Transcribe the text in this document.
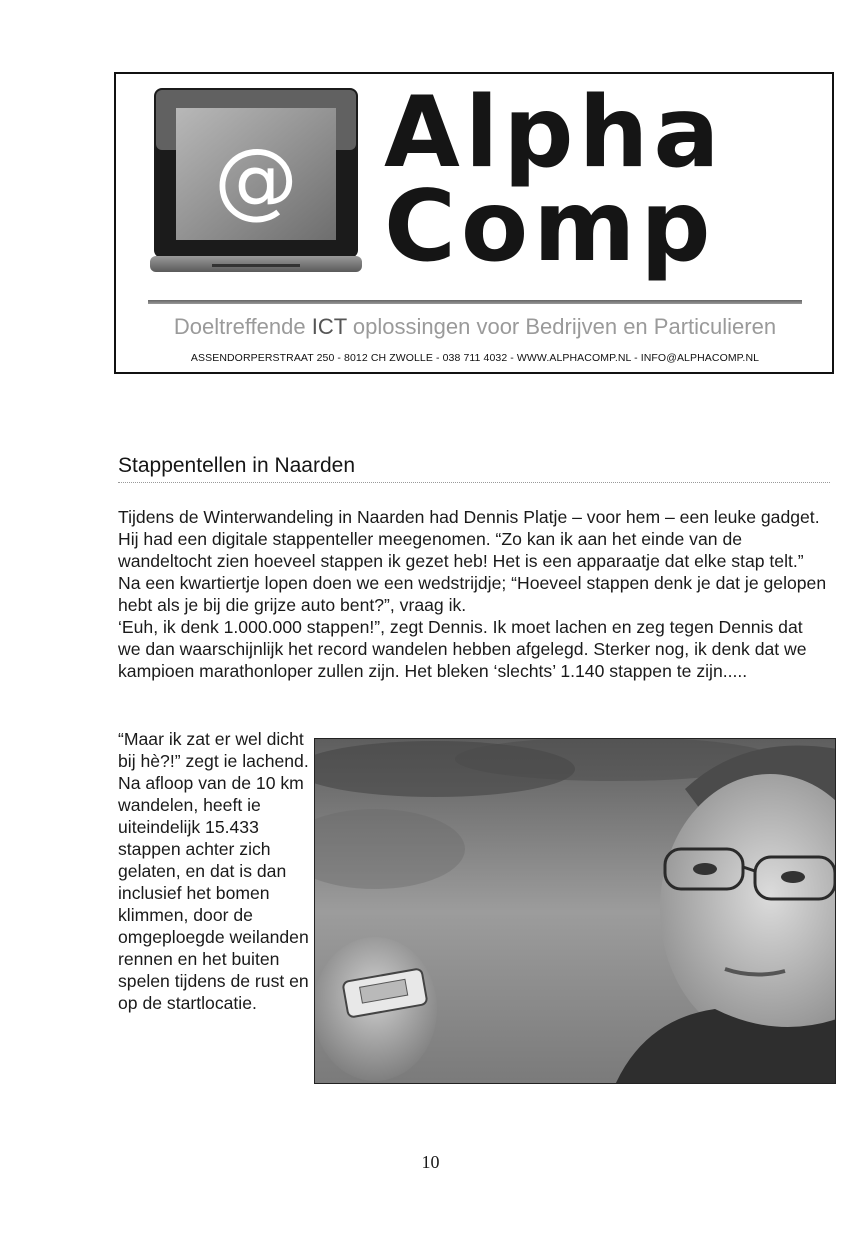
@ Alpha
Comp
Doeltreffende ICT oplossingen voor Bedrijven en Particulieren
ASSENDORPERSTRAAT 250 - 8012 CH ZWOLLE - 038 711 4032 - WWW.ALPHACOMP.NL - INFO@ALPHACOMP.NL
Stappentellen in Naarden

Tijdens de Winterwandeling in Naarden had Dennis Platje – voor hem – een leuke gadget. Hij had een digitale stappenteller meegenomen. “Zo kan ik aan het einde van de wandeltocht zien hoeveel stappen ik gezet heb! Het is een apparaatje dat elke stap telt.”

Na een kwartiertje lopen doen we een wedstrijdje; “Hoeveel stappen denk je dat je gelopen hebt als je bij die grijze auto bent?”, vraag ik.

‘Euh, ik denk 1.000.000 stappen!”, zegt Dennis. Ik moet lachen en zeg tegen Dennis dat we dan waarschijnlijk het record wandelen hebben afgelegd. Sterker nog, ik denk dat we kampioen marathonloper zullen zijn. Het bleken ‘slechts’ 1.140 stappen te zijn.....

“Maar ik zat er wel dicht bij hè?!” zegt ie lachend.

Na afloop van de 10 km wandelen, heeft ie uiteindelijk 15.433 stappen achter zich gelaten, en dat is dan inclusief het bomen klimmen, door de omgeploegde weilanden rennen en het buiten spelen tijdens de rust en op de startlocatie.

10
